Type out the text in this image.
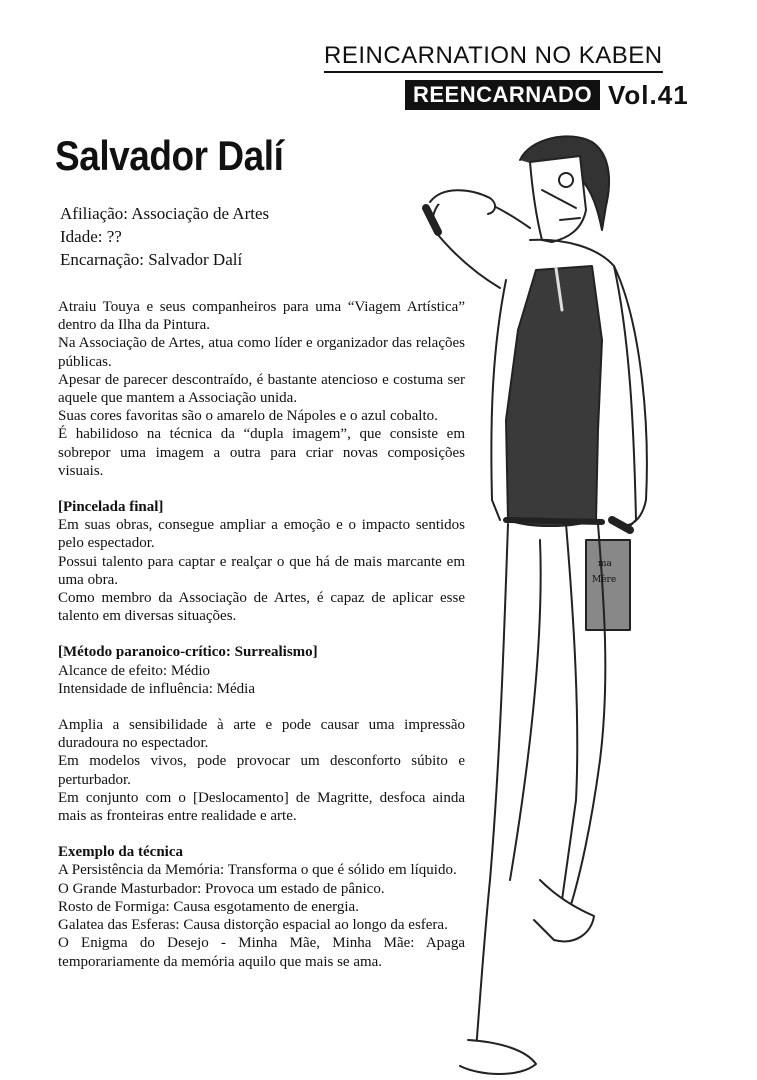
REINCARNATION NO KABEN
REENCARNADO Vol.41
Salvador Dalí
Afiliação: Associação de Artes
Idade: ??
Encarnação: Salvador Dalí
ma
Mère

Atraiu Touya e seus companheiros para uma “Viagem Artística” dentro da Ilha da Pintura.

Na Associação de Artes, atua como líder e organizador das relações públicas.

Apesar de parecer descontraído, é bastante atencioso e costuma ser aquele que mantem a Associação unida.

Suas cores favoritas são o amarelo de Nápoles e o azul cobalto.

É habilidoso na técnica da “dupla imagem”, que consiste em sobrepor uma imagem a outra para criar novas composições visuais.

[Pincelada final]

Em suas obras, consegue ampliar a emoção e o impacto sentidos pelo espectador.

Possui talento para captar e realçar o que há de mais marcante em uma obra.

Como membro da Associação de Artes, é capaz de aplicar esse talento em diversas situações.

[Método paranoico-crítico: Surrealismo]

Alcance de efeito: Médio

Intensidade de influência: Média

Amplia a sensibilidade à arte e pode causar uma impressão duradoura no espectador.

Em modelos vivos, pode provocar um desconforto súbito e perturbador.

Em conjunto com o [Deslocamento] de Magritte, desfoca ainda mais as fronteiras entre realidade e arte.

Exemplo da técnica

A Persistência da Memória: Transforma o que é sólido em líquido.

O Grande Masturbador: Provoca um estado de pânico.

Rosto de Formiga: Causa esgotamento de energia.

Galatea das Esferas: Causa distorção espacial ao longo da esfera.

O Enigma do Desejo - Minha Mãe, Minha Mãe: Apaga temporariamente da memória aquilo que mais se ama.
